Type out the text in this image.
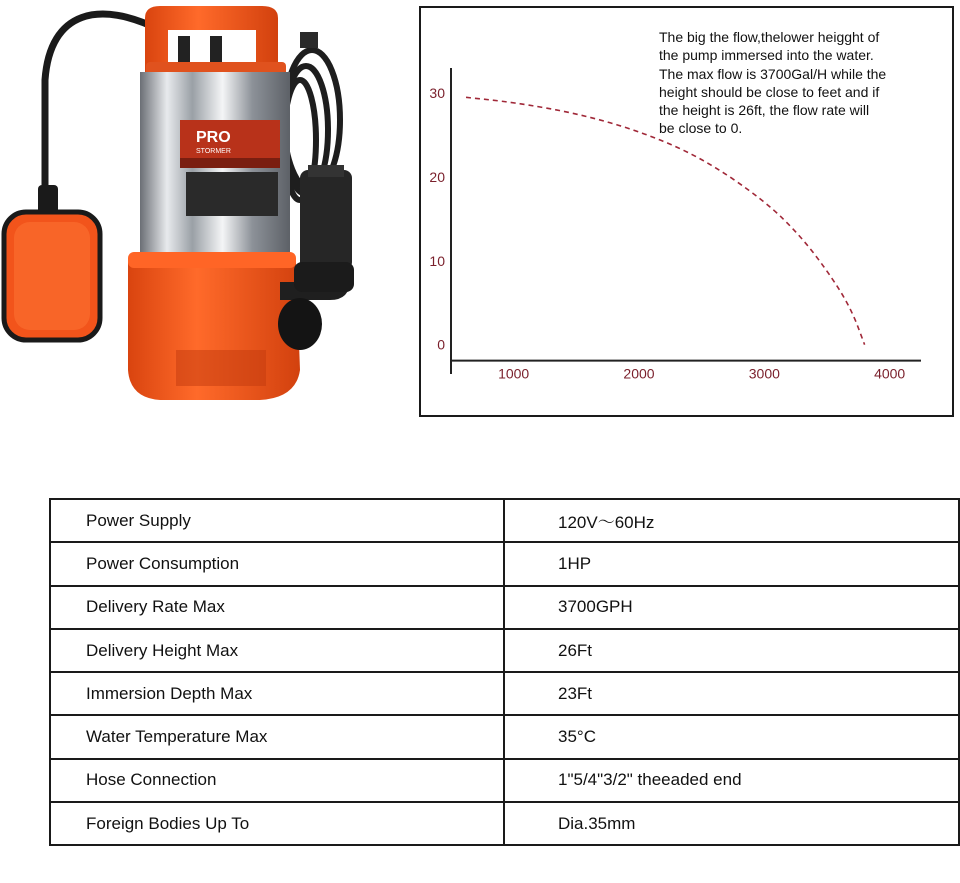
PRO
STORMER
1000	2000	3000	4000
0
10
20
30
The big the flow,thelower heigght of
the pump immersed into the water.
The max flow is 3700Gal/H while the
height should be close to feet and if
the height is 26ft, the flow rate will
be close to 0.
Power Supply	120V～60Hz
Power Consumption	1HP
Delivery Rate Max	3700GPH
Delivery Height Max	26Ft
Immersion Depth Max	23Ft
Water Temperature Max	35°C
Hose Connection	1"5/4"3/2" theeaded end
Foreign Bodies Up To	Dia.35mm
